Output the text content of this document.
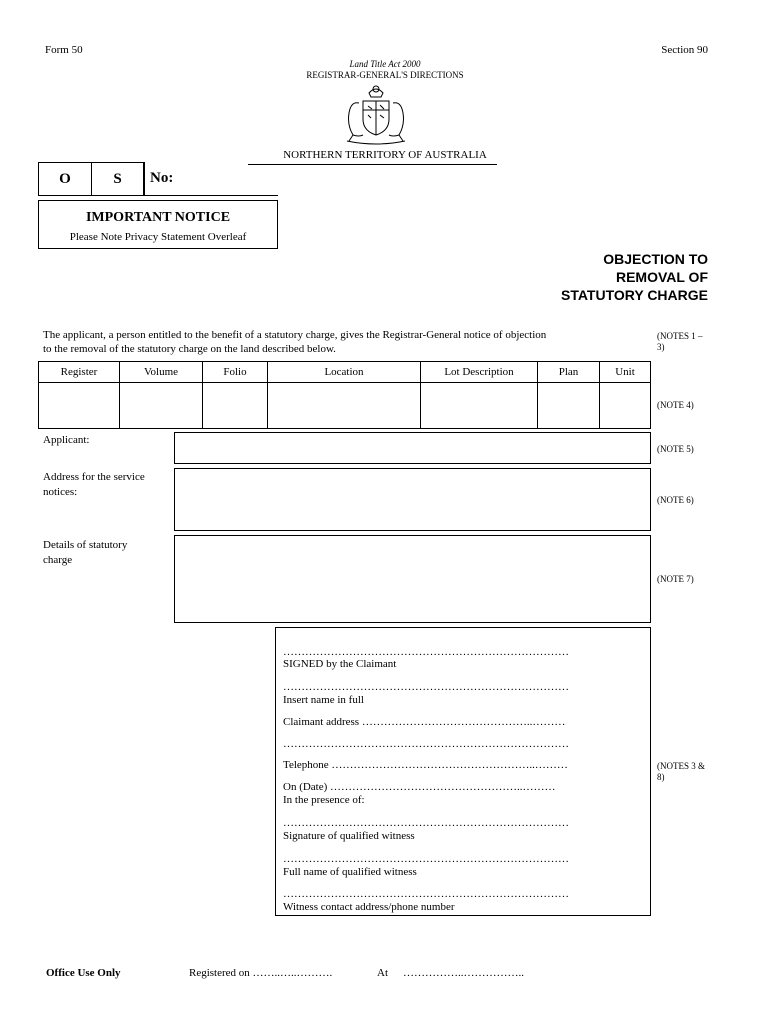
Form 50	Section 90
Land Title Act 2000
REGISTRAR-GENERAL'S DIRECTIONS
NORTHERN TERRITORY OF AUSTRALIA
O	S	No:
IMPORTANT NOTICE
Please Note Privacy Statement Overleaf
OBJECTION TO
REMOVAL OF
STATUTORY CHARGE
The applicant, a person entitled to the benefit of a statutory charge, gives the Registrar-General notice of objection
to the removal of the statutory charge on the land described below.
(NOTES 1 – 3)
Register	Volume	Folio	Location	Lot Description	Plan	Unit

(NOTE 4)
Applicant:
(NOTE 5)
Address for the service
notices:
(NOTE 6)
Details of statutory
charge
(NOTE 7)
……………………………………………………………………
SIGNED by the Claimant
……………………………………………………………………
Insert name in full
Claimant address ………………………………………..………
……………………………………………………………………
Telephone ………………………………………………..………
On (Date) ……………………………………………..………
In the presence of:
……………………………………………………………………
Signature of qualified witness
……………………………………………………………………
Full name of qualified witness
……………………………………………………………………
Witness contact address/phone number
(NOTES 3 & 8)
Office Use Only	Registered on ……..…..……….	At ……………..……………..
